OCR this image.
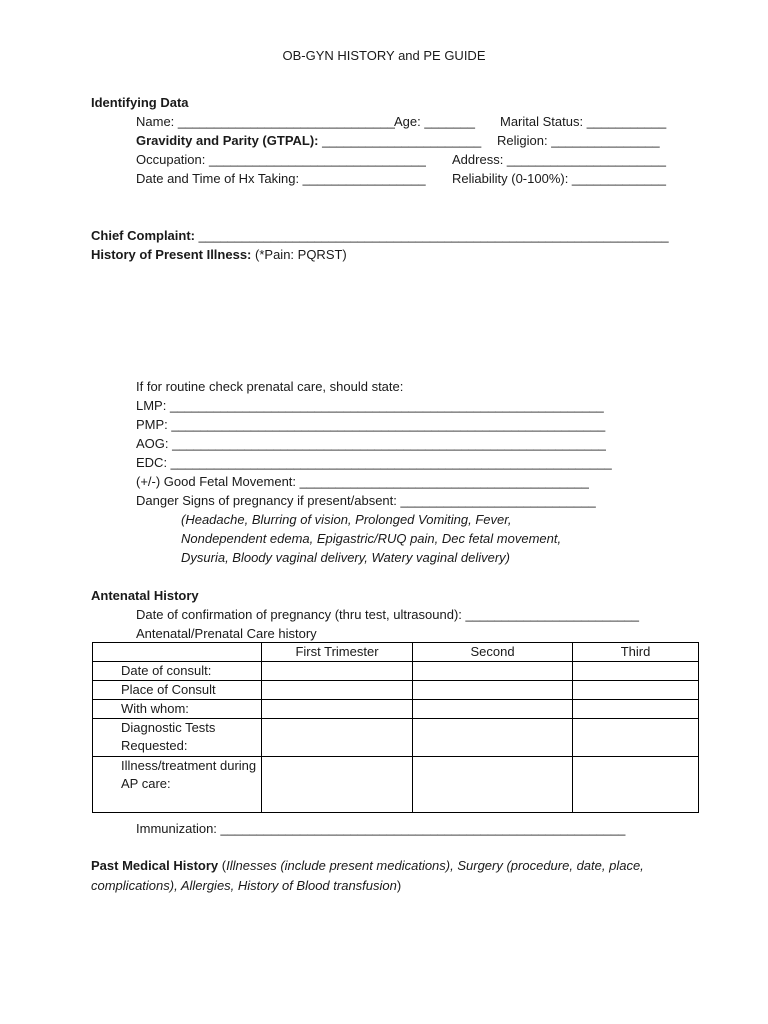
OB-GYN HISTORY and PE GUIDE
Identifying Data
Name: ______________________________ Age: _______ Marital Status: ___________
Gravidity and Parity (GTPAL): ______________________ Religion: _______________
Occupation: ______________________________ Address: ______________________
Date and Time of Hx Taking: _________________ Reliability (0-100%): _____________
Chief Complaint: _________________________________________________________________
History of Present Illness: (*Pain: PQRST)
If for routine check prenatal care, should state:
LMP: ____________________________________________________________
PMP: ____________________________________________________________
AOG: ____________________________________________________________
EDC: _____________________________________________________________
(+/-) Good Fetal Movement: ________________________________________
Danger Signs of pregnancy if present/absent: ___________________________
(Headache, Blurring of vision, Prolonged Vomiting, Fever,
Nondependent edema, Epigastric/RUQ pain, Dec fetal movement,
Dysuria, Bloody vaginal delivery, Watery vaginal delivery)
Antenatal History
Date of confirmation of pregnancy (thru test, ultrasound): ________________________
Antenatal/Prenatal Care history
	First Trimester	Second	Third
Date of consult:			
Place of Consult			
With whom:			
Diagnostic Tests Requested:			
Illness/treatment during AP care:			
Immunization: ________________________________________________________
Past Medical History (Illnesses (include present medications), Surgery (procedure, date, place,
complications), Allergies, History of Blood transfusion)
